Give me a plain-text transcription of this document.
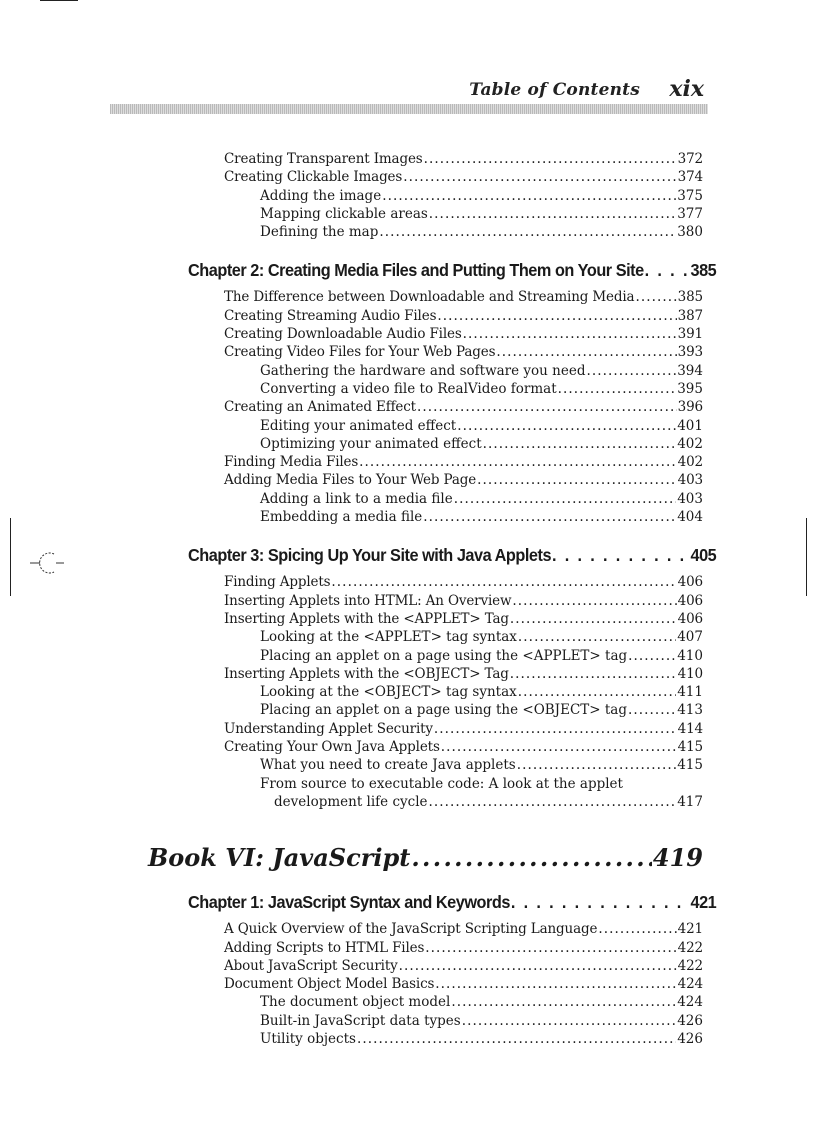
Table of Contents xix
Creating Transparent Images . . .	372
Creating Clickable Images . . .	374
Adding the image . . .	375
Mapping clickable areas . . .	377
Defining the map . . .	380
Chapter 2: Creating Media Files and Putting Them on Your Site . . .	385
The Difference between Downloadable and Streaming Media . . .	385
Creating Streaming Audio Files . . .	387
Creating Downloadable Audio Files . . .	391
Creating Video Files for Your Web Pages . . .	393
Gathering the hardware and software you need . . .	394
Converting a video file to RealVideo format . . .	395
Creating an Animated Effect . . .	396
Editing your animated effect . . .	401
Optimizing your animated effect . . .	402
Finding Media Files . . .	402
Adding Media Files to Your Web Page . . .	403
Adding a link to a media file . . .	403
Embedding a media file . . .	404
Chapter 3: Spicing Up Your Site with Java Applets . . .	405
Finding Applets . . .	406
Inserting Applets into HTML: An Overview . . .	406
Inserting Applets with the <APPLET> Tag . . .	406
Looking at the <APPLET> tag syntax . . .	407
Placing an applet on a page using the <APPLET> tag . . .	410
Inserting Applets with the <OBJECT> Tag . . .	410
Looking at the <OBJECT> tag syntax . . .	411
Placing an applet on a page using the <OBJECT> tag . . .	413
Understanding Applet Security . . .	414
Creating Your Own Java Applets . . .	415
What you need to create Java applets . . .	415
From source to executable code: A look at the applet
development life cycle . . .	417
Book VI: JavaScript . . .	419
Chapter 1: JavaScript Syntax and Keywords . . .	421
A Quick Overview of the JavaScript Scripting Language . . .	421
Adding Scripts to HTML Files . . .	422
About JavaScript Security . . .	422
Document Object Model Basics . . .	424
The document object model . . .	424
Built-in JavaScript data types . . .	426
Utility objects . . .	426
